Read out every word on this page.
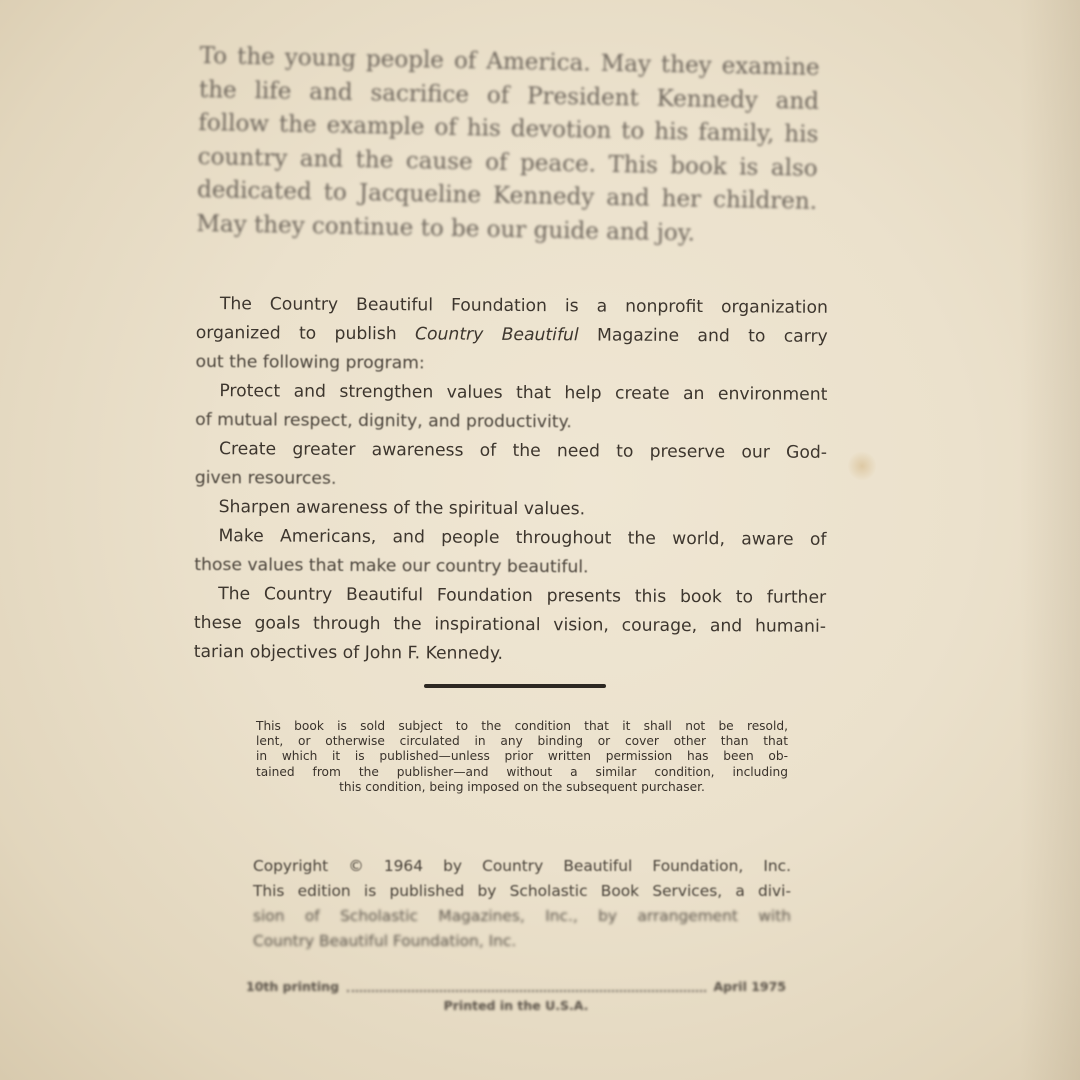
To the young people of America. May they examine
the life and sacrifice of President Kennedy and
follow the example of his devotion to his family, his
country and the cause of peace. This book is also
dedicated to Jacqueline Kennedy and her children.
May they continue to be our guide and joy.
The Country Beautiful Foundation is a nonprofit organization
organized to publish Country Beautiful Magazine and to carry
out the following program:
Protect and strengthen values that help create an environment
of mutual respect, dignity, and productivity.
Create greater awareness of the need to preserve our God-
given resources.
Sharpen awareness of the spiritual values.
Make Americans, and people throughout the world, aware of
those values that make our country beautiful.
The Country Beautiful Foundation presents this book to further
these goals through the inspirational vision, courage, and humani-
tarian objectives of John F. Kennedy.
This book is sold subject to the condition that it shall not be resold,
lent, or otherwise circulated in any binding or cover other than that
in which it is published—unless prior written permission has been ob-
tained from the publisher—and without a similar condition, including
this condition, being imposed on the subsequent purchaser.
Copyright © 1964 by Country Beautiful Foundation, Inc.
This edition is published by Scholastic Book Services, a divi-
sion of Scholastic Magazines, Inc., by arrangement with
Country Beautiful Foundation, Inc.
10th printing	April 1975
Printed in the U.S.A.
